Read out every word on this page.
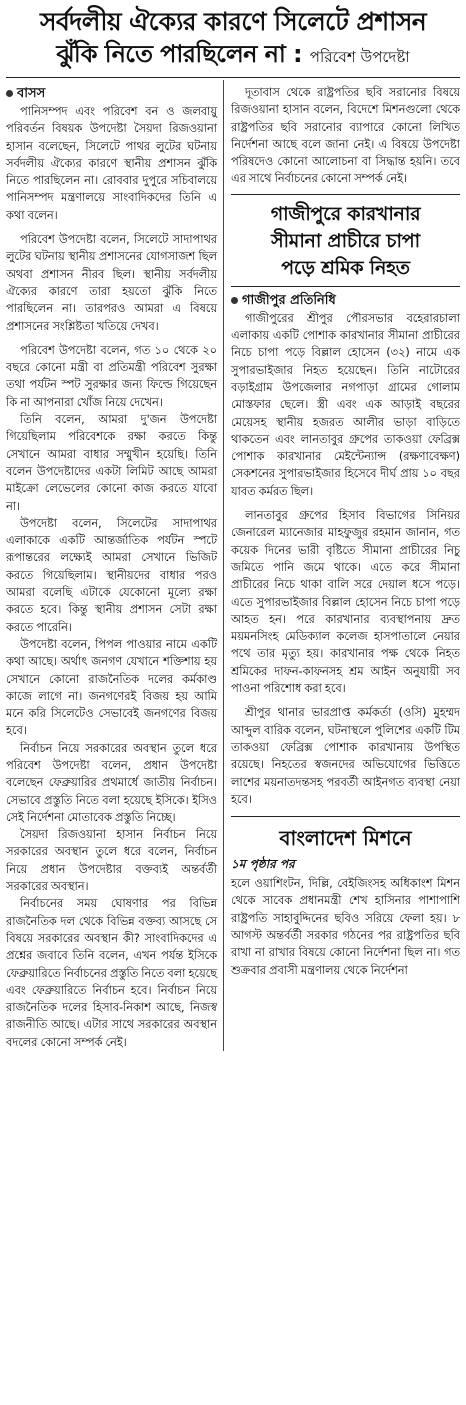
সর্বদলীয় ঐক্যের কারণে সিলেটে প্রশাসন
ঝুঁকি নিতে পারছিলেন না : পরিবেশ উপদেষ্টা
বাসস

পানিসম্পদ এবং পরিবেশ বন ও জলবায়ু পরিবর্তন বিষয়ক উপদেষ্টা সৈয়দা রিজওয়ানা হাসান বলেছেন, সিলেটে পাথর লুটের ঘটনায় সর্বদলীয় ঐক্যের কারণে স্থানীয় প্রশাসন ঝুঁকি নিতে পারছিলেন না। রোববার দুপুরে সচিবালয়ে পানিসম্পদ মন্ত্রণালয়ে সাংবাদিকদের তিনি এ কথা বলেন।

পরিবেশ উপদেষ্টা বলেন, সিলেটে সাদাপাথর লুটের ঘটনায় স্থানীয় প্রশাসনের যোগসাজশ ছিল অথবা প্রশাসন নীরব ছিল। স্থানীয় সর্বদলীয় ঐক্যের কারণে তারা হয়তো ঝুঁকি নিতে পারছিলেন না। তারপরও আমরা এ বিষয়ে প্রশাসনের সংশ্লিষ্টতা খতিয়ে দেখব।

পরিবেশ উপদেষ্টা বলেন, গত ১০ থেকে ২০ বছরে কোনো মন্ত্রী বা প্রতিমন্ত্রী পরিবেশ সুরক্ষা তথা পর্যটন স্পট সুরক্ষার জন্য ফিল্ডে গিয়েছেন কি না আপনারা খোঁজ নিয়ে দেখেন।

তিনি বলেন, আমরা দু'জন উপদেষ্টা গিয়েছিলাম পরিবেশকে রক্ষা করতে কিন্তু সেখানে আমরা বাধার সম্মুখীন হয়েছি। তিনি বলেন উপদেষ্টাদের একটা লিমিট আছে আমরা মাইক্রো লেভেলের কোনো কাজ করতে যাবো না।

উপদেষ্টা বলেন, সিলেটের সাদাপাথর এলাকাকে একটি আন্তর্জাতিক পর্যটন স্পটে রূপান্তরের লক্ষ্যেই আমরা সেখানে ভিজিট করতে গিয়েছিলাম। স্থানীয়দের বাধার পরও আমরা বলেছি এটাকে যেকোনো মূল্যে রক্ষা করতে হবে। কিন্তু স্থানীয় প্রশাসন সেটা রক্ষা করতে পারেনি।

উপদেষ্টা বলেন, পিপল পাওয়ার নামে একটি কথা আছে। অর্থাৎ জনগণ যেখানে শক্তিশায় হয় সেখানে কোনো রাজনৈতিক দলের কর্মকাণ্ড কাজে লাগে না। জনগণেরই বিজয় হয় আমি মনে করি সিলেটেও সেভাবেই জনগণের বিজয় হবে।

নির্বাচন নিয়ে সরকারের অবস্থান তুলে ধরে পরিবেশ উপদেষ্টা বলেন, প্রধান উপদেষ্টা বলেছেন ফেব্রুয়ারির প্রথমার্ধে জাতীয় নির্বাচন। সেভাবে প্রস্তুতি নিতে বলা হয়েছে ইসিকে। ইসিও সেই নির্দেশনা মোতাবেক প্রস্তুতি নিচ্ছে।

সৈয়দা রিজওয়ানা হাসান নির্বাচন নিয়ে সরকারের অবস্থান তুলে ধরে বলেন, নির্বাচন নিয়ে প্রধান উপদেষ্টার বক্তব্যই অন্তর্বর্তী সরকারের অবস্থান।

নির্বাচনের সময় ঘোষণার পর বিভিন্ন রাজনৈতিক দল থেকে বিভিন্ন বক্তব্য আসছে সে বিষয়ে সরকারের অবস্থান কী? সাংবাদিকদের এ প্রশ্নের জবাবে তিনি বলেন, এখন পর্যন্ত ইসিকে ফেব্রুয়ারিতে নির্বাচনের প্রস্তুতি নিতে বলা হয়েছে এবং ফেব্রুয়ারিতে নির্বাচন হবে। নির্বাচন নিয়ে রাজনৈতিক দলের হিসাব-নিকাশ আছে, নিজস্ব রাজনীতি আছে। এটার সাথে সরকারের অবস্থান বদলের কোনো সম্পর্ক নেই।

দূতাবাস থেকে রাষ্ট্রপতির ছবি সরানোর বিষয়ে রিজওয়ানা হাসান বলেন, বিদেশে মিশনগুলো থেকে রাষ্ট্রপতির ছবি সরানোর ব্যাপারে কোনো লিখিত নির্দেশনা আছে বলে জানা নেই। এ বিষয়ে উপদেষ্টা পরিষদেও কোনো আলোচনা বা সিদ্ধান্ত হয়নি। তবে এর সাথে নির্বাচনের কোনো সম্পর্ক নেই।

গাজীপুরে কারখানার
সীমানা প্রাচীরে চাপা
পড়ে শ্রমিক নিহত
গাজীপুর প্রতিনিধি

গাজীপুরের শ্রীপুর পৌরসভার বহেরারচালা এলাকায় একটি পোশাক কারখানার সীমানা প্রাচীরের নিচে চাপা পড়ে বিল্লাল হোসেন (৩২) নামে এক সুপারভাইজার নিহত হয়েছেন। তিনি নাটোরের বড়াইগ্রাম উপজেলার নগপাড়া গ্রামের গোলাম মোস্তফার ছেলে। স্ত্রী এবং এক আড়াই বছরের মেয়েসহ স্থানীয় হজরত আলীর ভাড়া বাড়িতে থাকতেন এবং লানতাবুর গ্রুপের তাকওয়া ফেব্রিক্স পোশাক কারখানার মেইন্টেন্যান্স (রক্ষণাবেক্ষণ) সেকশনের সুপারভাইজার হিসেবে দীর্ঘ প্রায় ১০ বছর যাবত কর্মরত ছিল।

লানতাবুর গ্রুপের হিসাব বিভাগের সিনিয়র জেনারেল ম্যানেজার মাহফুজুর রহমান জানান, গত কয়েক দিনের ভারী বৃষ্টিতে সীমানা প্রাচীরের নিচু জমিতে পানি জমে থাকে। এতে করে সীমানা প্রাচীরের নিচে থাকা বালি সরে দেয়াল ধসে পড়ে। এতে সুপারভাইজার বিল্লাল হোসেন নিচে চাপা পড়ে আহত হন। পরে কারখানার ব্যবস্থাপনায় দ্রুত ময়মনসিংহ মেডিক্যাল কলেজ হাসপাতালে নেয়ার পথে তার মৃত্যু হয়। কারখানার পক্ষ থেকে নিহত শ্রমিকের দাফন-কাফনসহ শ্রম আইন অনুযায়ী সব পাওনা পরিশোধ করা হবে।

শ্রীপুর থানার ভারপ্রাপ্ত কর্মকর্তা (ওসি) মুহম্মদ আব্দুল বারিক বলেন, ঘটনাস্থলে পুলিশের একটি টিম তাকওয়া ফেব্রিক্স পোশাক কারখানায় উপস্থিত রয়েছে। নিহতের স্বজনদের অভিযোগের ভিত্তিতে লাশের ময়নাতদন্তসহ পরবর্তী আইনগত ব্যবস্থা নেয়া হবে।

বাংলাদেশ মিশনে
১ম পৃষ্ঠার পর

হলে ওয়াশিংটন, দিল্লি, বেইজিংসহ অধিকাংশ মিশন থেকে সাবেক প্রধানমন্ত্রী শেখ হাসিনার পাশাপাশি রাষ্ট্রপতি সাহাবুদ্দিনের ছবিও সরিয়ে ফেলা হয়। ৮ আগস্ট অন্তর্বর্তী সরকার গঠনের পর রাষ্ট্রপতির ছবি রাখা না রাখার বিষয়ে কোনো নির্দেশনা ছিল না। গত শুক্রবার প্রবাসী মন্ত্রণালয় থেকে নির্দেশনা
